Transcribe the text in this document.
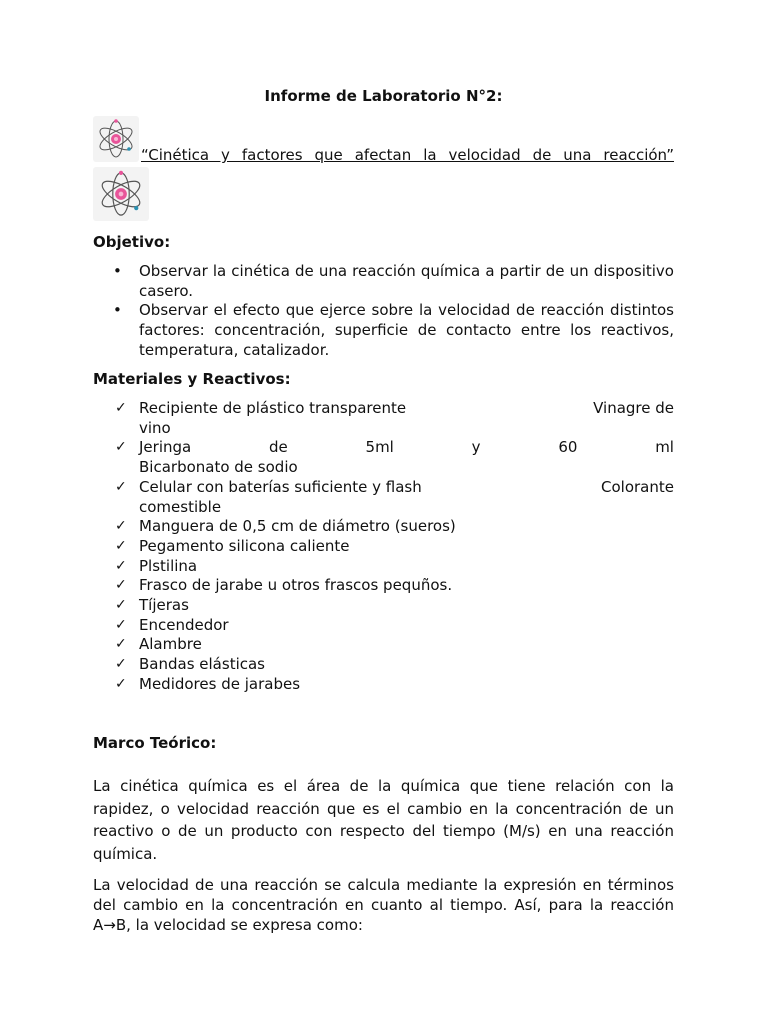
Informe de Laboratorio N°2:
“Cinética y factores que afectan la velocidad de una reacción”
Objetivo:
• Observar la cinética de una reacción química a partir de un dispositivo casero.
• Observar el efecto que ejerce sobre la velocidad de reacción distintos factores: concentración, superficie de contacto entre los reactivos, temperatura, catalizador.
Materiales y Reactivos:
✓ Recipiente de plástico transparente	Vinagre de
vino
✓ Jeringa	de	5ml	y	60	ml
Bicarbonato de sodio
✓ Celular con baterías suficiente y flash	Colorante
comestible
✓ Manguera de 0,5 cm de diámetro (sueros)
✓ Pegamento silicona caliente
✓ Plstilina
✓ Frasco de jarabe u otros frascos pequños.
✓ Tíjeras
✓ Encendedor
✓ Alambre
✓ Bandas elásticas
✓ Medidores de jarabes
Marco Teórico:
La cinética química es el área de la química que tiene relación con la rapidez, o velocidad reacción que es el cambio en la concentración de un reactivo o de un producto con respecto del tiempo (M/s) en una reacción química.
La velocidad de una reacción se calcula mediante la expresión en términos del cambio en la concentración en cuanto al tiempo. Así, para la reacción A→B, la velocidad se expresa como:
